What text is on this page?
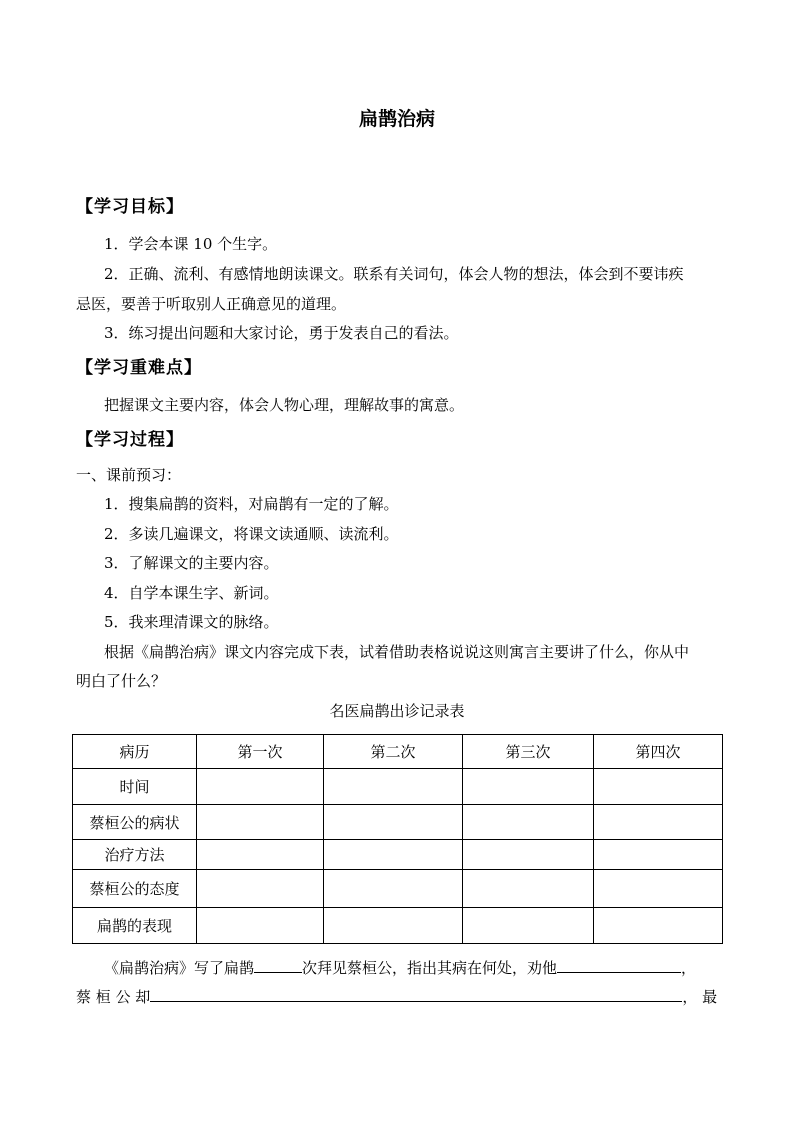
扁鹊治病
【学习目标】
1．学会本课 10 个生字。
2．正确、流利、有感情地朗读课文。联系有关词句，体会人物的想法，体会到不要讳疾
忌医，要善于听取别人正确意见的道理。
3．练习提出问题和大家讨论，勇于发表自己的看法。
【学习重难点】
把握课文主要内容，体会人物心理，理解故事的寓意。
【学习过程】
一、课前预习：
1．搜集扁鹊的资料，对扁鹊有一定的了解。
2．多读几遍课文，将课文读通顺、读流利。
3．了解课文的主要内容。
4．自学本课生字、新词。
5．我来理清课文的脉络。
根据《扁鹊治病》课文内容完成下表，试着借助表格说说这则寓言主要讲了什么，你从中
明白了什么？
名医扁鹊出诊记录表
病历	第一次	第二次	第三次	第四次
时间				
蔡桓公的病状				
治疗方法				
蔡桓公的态度				
扁鹊的表现				
《扁鹊治病》写了扁鹊	次拜见蔡桓公，指出其病在何处，劝他	，
蔡 桓 公 却	， 最
